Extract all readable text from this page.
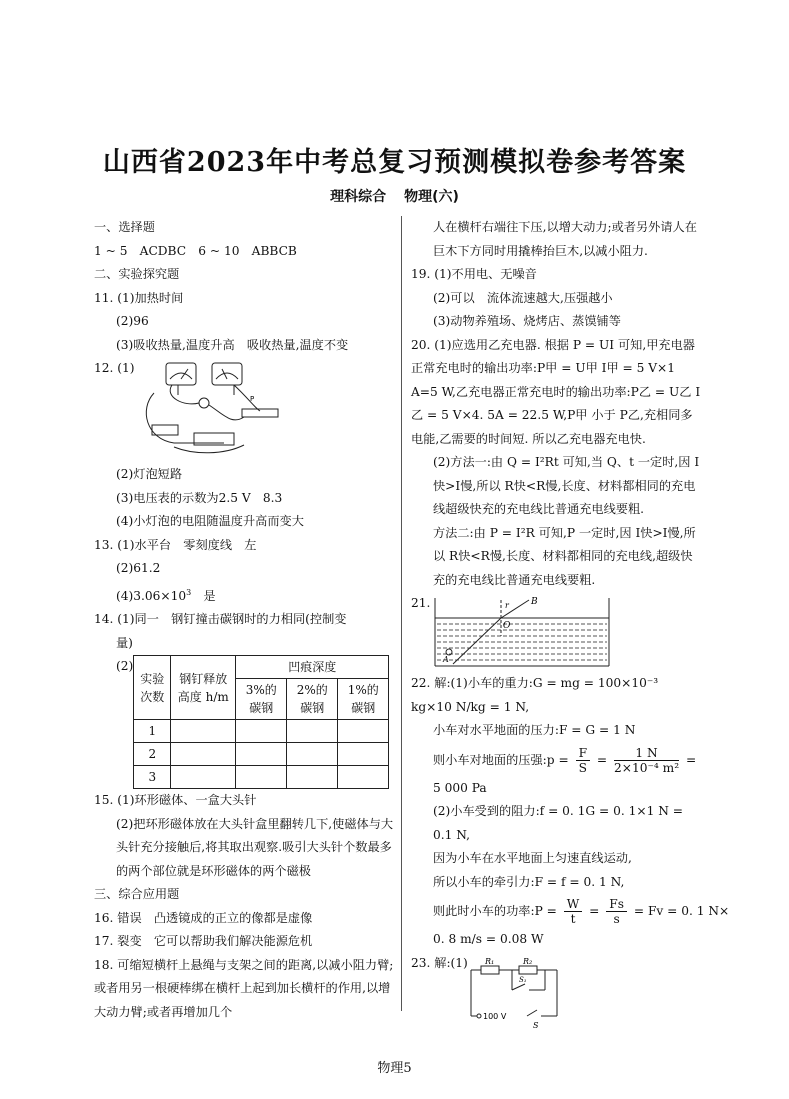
山西省2023年中考总复习预测模拟卷参考答案
理科综合 物理(六)
一、选择题
1 ~ 5　ACDBC　6 ~ 10　ABBCB
二、实验探究题
11. (1)加热时间
(2)96
(3)吸收热量,温度升高　吸收热量,温度不变
12. (1)
P
(2)灯泡短路
(3)电压表的示数为2.5 V　8.3
(4)小灯泡的电阻随温度升高而变大
13. (1)水平台　零刻度线　左
(2)61.2
$(4)3.06\times 10^3$　是
14. (1)同一　钢钉撞击碳钢时的力相同(控制变
量)
(2)
实验次数	钢钉释放高度 h/m	凹痕深度		
		3%的碳钢	2%的碳钢	1%的碳钢
1				
2				
3				
15. (1)环形磁体、一盒大头针
(2)把环形磁体放在大头针盒里翻转几下,使磁体与大头针充分接触后,将其取出观察.吸引大头针个数最多的两个部位就是环形磁体的两个磁极
三、综合应用题
16. 错误　凸透镜成的正立的像都是虚像
17. 裂变　它可以帮助我们解决能源危机
18. 可缩短横杆上悬绳与支架之间的距离,以减小阻力臂;或者用另一根硬棒绑在横杆上起到加长横杆的作用,以增大动力臂;或者再增加几个
人在横杆右端往下压,以增大动力;或者另外请人在巨木下方同时用撬棒抬巨木,以减小阻力.
19. (1)不用电、无噪音
(2)可以　流体流速越大,压强越小
(3)动物养殖场、烧烤店、蒸馍铺等
20. (1)应选用乙充电器. 根据 P = UI 可知,甲充电器正常充电时的输出功率:P甲 = U甲 I甲 = 5 V×1 A=5 W,乙充电器正常充电时的输出功率:P乙 = U乙 I乙 = 5 V×4. 5A = 22.5 W,P甲 小于 P乙,充相同多电能,乙需要的时间短. 所以乙充电器充电快.
(2)方法一:由 Q = I²Rt 可知,当 Q、t 一定时,因 I快>I慢,所以 R快<R慢,长度、材料都相同的充电线超级快充的充电线比普通充电线要粗.
方法二:由 P = I²R 可知,P 一定时,因 I快>I慢,所以 R快<R慢,长度、材料都相同的充电线,超级快充的充电线比普通充电线要粗.
21.	B
r
O
A
22. 解:(1)小车的重力:G = mg = 100×10⁻³ kg×10 N/kg = 1 N,
小车对水平地面的压力:F = G = 1 N
则小车对地面的压强:p = $\frac{F}{S} = \frac{1 N}{\text{2×10⁻⁴ m²}}$ =
5 000 Pa
(2)小车受到的阻力:f = 0. 1G = 0. 1×1 N = 0.1 N,
因为小车在水平地面上匀速直线运动,
所以小车的牵引力:F = f = 0. 1 N,
则此时小车的功率:P = $\frac{W}{t} = \frac{Fs}{s} = Fv = 0$. 1 N×
0. 8 m/s = 0.08 W
23. 解:(1)	R₁	R₂
S₁
100 V
S
物理5
